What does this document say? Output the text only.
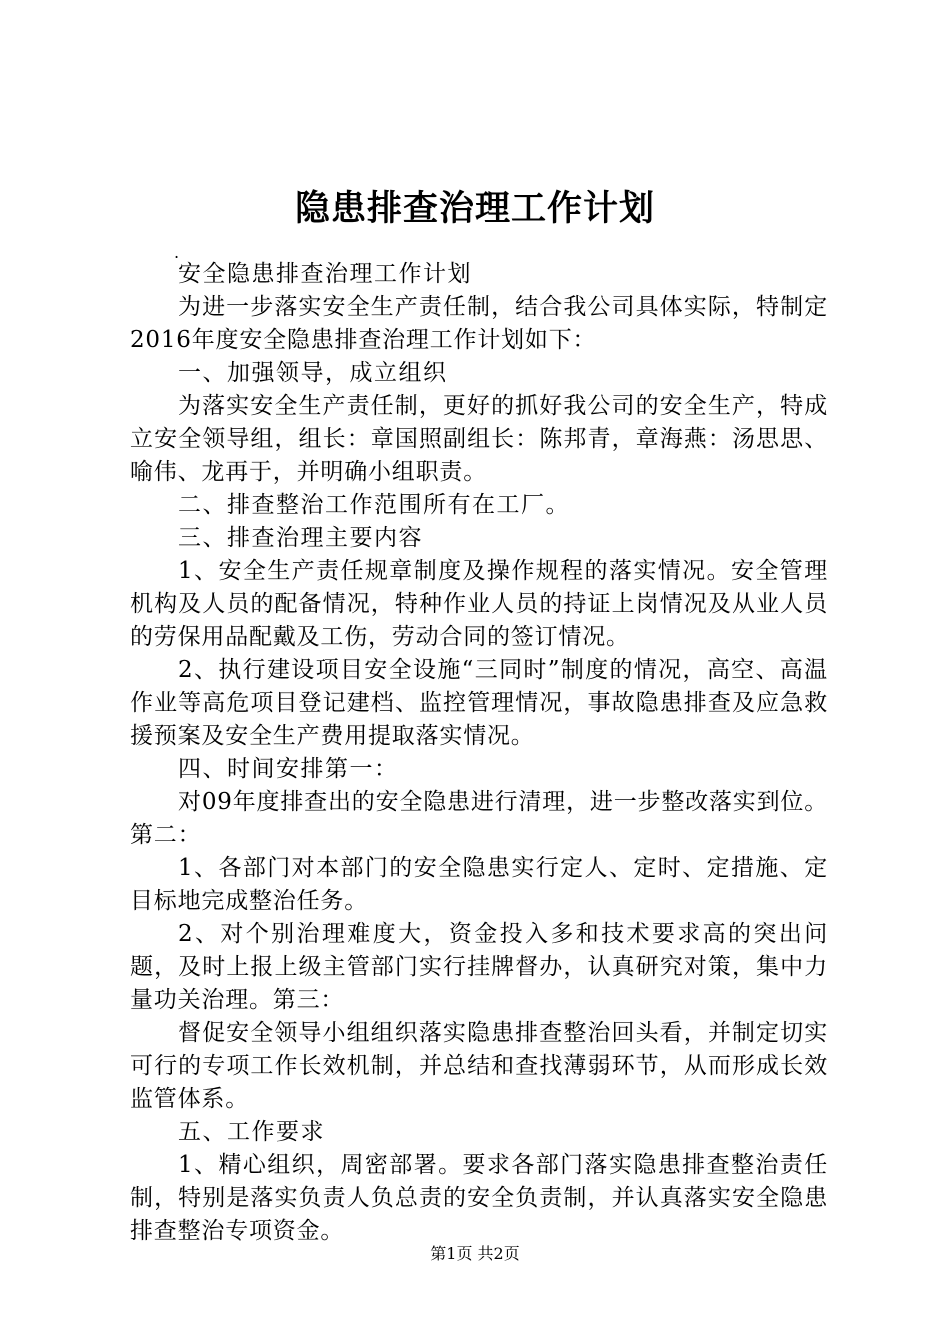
隐患排查治理工作计划
.

安全隐患排查治理工作计划

为进一步落实安全生产责任制，结合我公司具体实际，特制定2016年度安全隐患排查治理工作计划如下：

一、加强领导，成立组织

为落实安全生产责任制，更好的抓好我公司的安全生产，特成立安全领导组，组长：章国照副组长：陈邦青，章海燕：汤思思、喻伟、龙再于，并明确小组职责。

二、排查整治工作范围所有在工厂。

三、排查治理主要内容

1、安全生产责任规章制度及操作规程的落实情况。安全管理机构及人员的配备情况，特种作业人员的持证上岗情况及从业人员的劳保用品配戴及工伤，劳动合同的签订情况。

2、执行建设项目安全设施“三同时”制度的情况，高空、高温作业等高危项目登记建档、监控管理情况，事故隐患排查及应急救援预案及安全生产费用提取落实情况。

四、时间安排第一：

对09年度排查出的安全隐患进行清理，进一步整改落实到位。第二：

1、各部门对本部门的安全隐患实行定人、定时、定措施、定目标地完成整治任务。

2、对个别治理难度大，资金投入多和技术要求高的突出问题，及时上报上级主管部门实行挂牌督办，认真研究对策，集中力量功关治理。第三：

督促安全领导小组组织落实隐患排查整治回头看，并制定切实可行的专项工作长效机制，并总结和查找薄弱环节，从而形成长效监管体系。

五、工作要求

1、精心组织，周密部署。要求各部门落实隐患排查整治责任制，特别是落实负责人负总责的安全负责制，并认真落实安全隐患排查整治专项资金。

第1页 共2页
